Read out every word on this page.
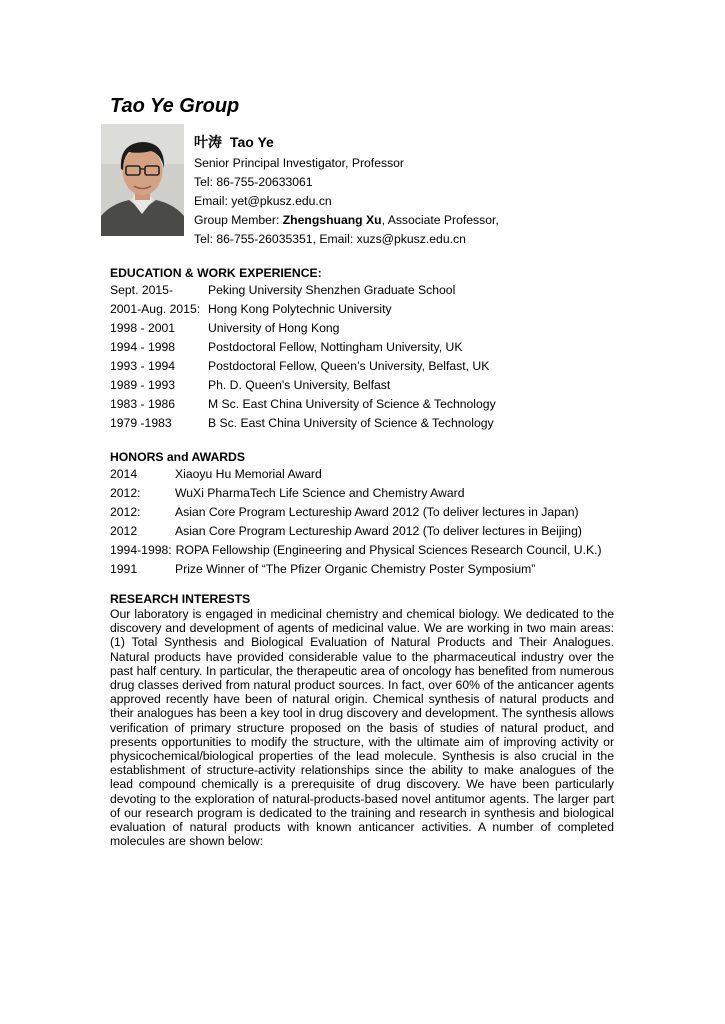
Tao Ye Group
叶涛 Tao Ye
Senior Principal Investigator, Professor
Tel: 86-755-20633061
Email: yet@pkusz.edu.cn
Group Member: Zhengshuang Xu, Associate Professor,
Tel: 86-755-26035351, Email: xuzs@pkusz.edu.cn
EDUCATION & WORK EXPERIENCE:
Sept. 2015-	Peking University Shenzhen Graduate School
2001-Aug. 2015: Hong Kong Polytechnic University
1998 - 2001	University of Hong Kong
1994 - 1998	Postdoctoral Fellow, Nottingham University, UK
1993 - 1994	Postdoctoral Fellow, Queen’s University, Belfast, UK
1989 - 1993	Ph. D. Queen's University, Belfast
1983 - 1986	M Sc. East China University of Science & Technology
1979 -1983	B Sc. East China University of Science & Technology
HONORS and AWARDS
2014	Xiaoyu Hu Memorial Award
2012:	WuXi PharmaTech Life Science and Chemistry Award
2012:	Asian Core Program Lectureship Award 2012 (To deliver lectures in Japan)
2012	Asian Core Program Lectureship Award 2012 (To deliver lectures in Beijing)
1994-1998: ROPA Fellowship (Engineering and Physical Sciences Research Council, U.K.)
1991	Prize Winner of “The Pfizer Organic Chemistry Poster Symposium”
RESEARCH INTERESTS
Our laboratory is engaged in medicinal chemistry and chemical biology. We dedicated to the discovery and development of agents of medicinal value. We are working in two main areas: (1) Total Synthesis and Biological Evaluation of Natural Products and Their Analogues. Natural products have provided considerable value to the pharmaceutical industry over the past half century. In particular, the therapeutic area of oncology has benefited from numerous drug classes derived from natural product sources. In fact, over 60% of the anticancer agents approved recently have been of natural origin. Chemical synthesis of natural products and their analogues has been a key tool in drug discovery and development. The synthesis allows verification of primary structure proposed on the basis of studies of natural product, and presents opportunities to modify the structure, with the ultimate aim of improving activity or physicochemical/biological properties of the lead molecule. Synthesis is also crucial in the establishment of structure-activity relationships since the ability to make analogues of the lead compound chemically is a prerequisite of drug discovery. We have been particularly devoting to the exploration of natural-products-based novel antitumor agents. The larger part of our research program is dedicated to the training and research in synthesis and biological evaluation of natural products with known anticancer activities. A number of completed molecules are shown below:
